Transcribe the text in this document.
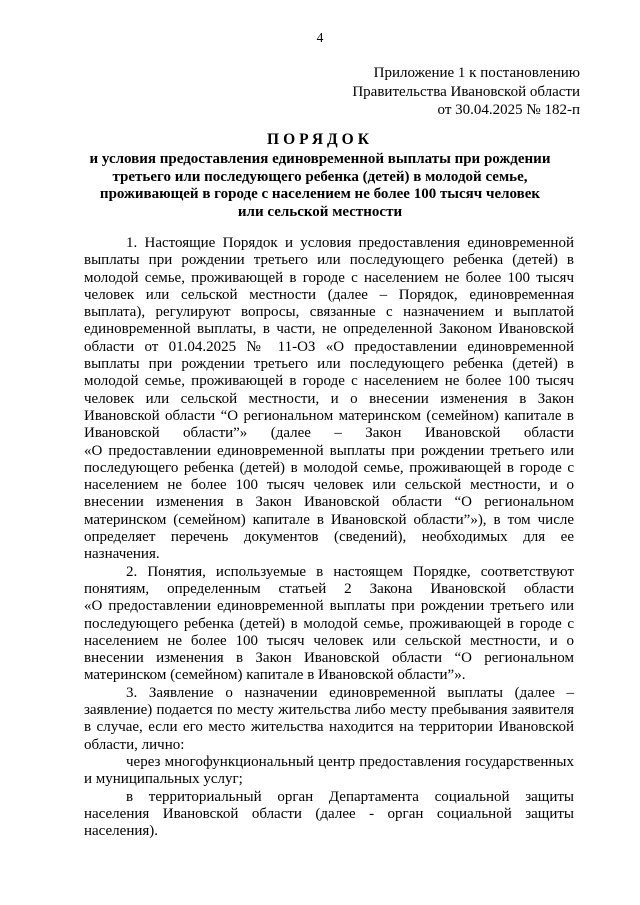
4
Приложение 1 к постановлению
Правительства Ивановской области
от 30.04.2025 № 182-п
ПОРЯДОК
и условия предоставления единовременной выплаты при рождении
третьего или последующего ребенка (детей) в молодой семье,
проживающей в городе с населением не более 100 тысяч человек
или сельской местности
1. Настоящие Порядок и условия предоставления единовременной
выплаты при рождении третьего или последующего ребенка (детей) в
молодой семье, проживающей в городе с населением не более 100 тысяч
человек или сельской местности (далее – Порядок, единовременная
выплата), регулируют вопросы, связанные с назначением и выплатой
единовременной выплаты, в части, не определенной Законом Ивановской
области от 01.04.2025 № 11-ОЗ «О предоставлении единовременной
выплаты при рождении третьего или последующего ребенка (детей) в
молодой семье, проживающей в городе с населением не более 100 тысяч
человек или сельской местности, и о внесении изменения в Закон
Ивановской области “О региональном материнском (семейном) капитале в
Ивановской области”» (далее – Закон Ивановской области
«О предоставлении единовременной выплаты при рождении третьего или
последующего ребенка (детей) в молодой семье, проживающей в городе с
населением не более 100 тысяч человек или сельской местности, и о
внесении изменения в Закон Ивановской области “О региональном
материнском (семейном) капитале в Ивановской области”»), в том числе
определяет перечень документов (сведений), необходимых для ее
назначения.
2. Понятия, используемые в настоящем Порядке, соответствуют
понятиям, определенным статьей 2 Закона Ивановской области
«О предоставлении единовременной выплаты при рождении третьего или
последующего ребенка (детей) в молодой семье, проживающей в городе с
населением не более 100 тысяч человек или сельской местности, и о
внесении изменения в Закон Ивановской области “О региональном
материнском (семейном) капитале в Ивановской области”».
3. Заявление о назначении единовременной выплаты (далее –
заявление) подается по месту жительства либо месту пребывания заявителя
в случае, если его место жительства находится на территории Ивановской
области, лично:
через многофункциональный центр предоставления государственных
и муниципальных услуг;
в территориальный орган Департамента социальной защиты
населения Ивановской области (далее - орган социальной защиты
населения).
